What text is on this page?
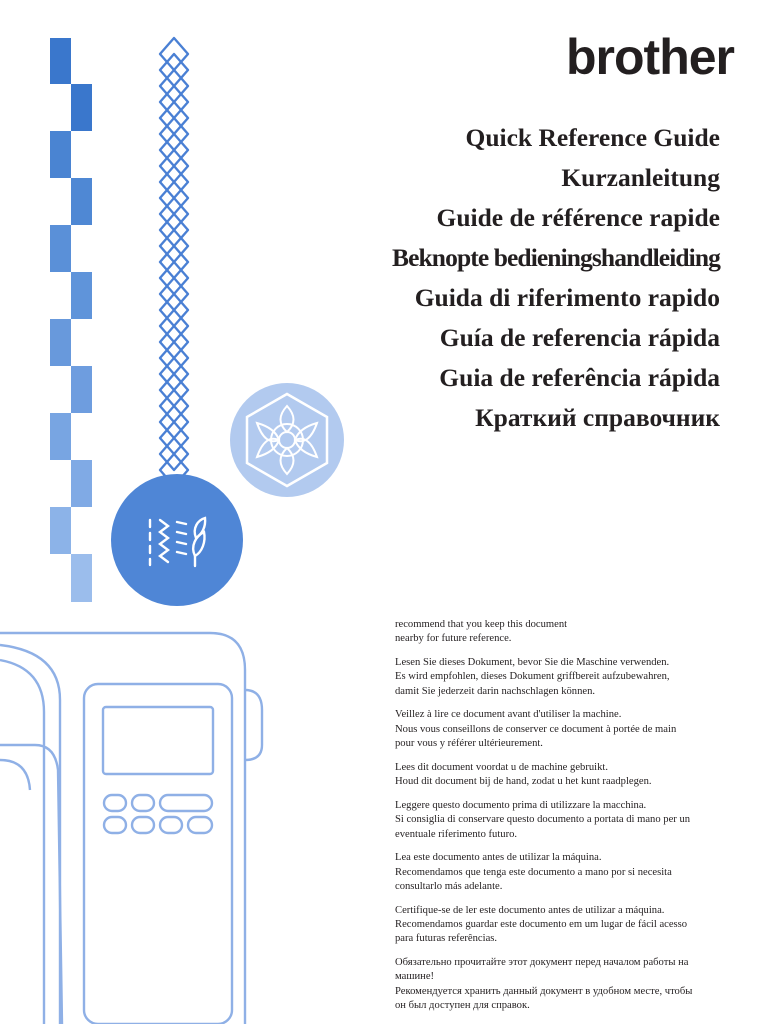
brother
Quick Reference Guide
Kurzanleitung
Guide de référence rapide
Beknopte bedieningshandleiding
Guida di riferimento rapido
Guía de referencia rápida
Guia de referência rápida
Краткий справочник
recommend that you keep this document
nearby for future reference.
Lesen Sie dieses Dokument, bevor Sie die Maschine verwenden.
Es wird empfohlen, dieses Dokument griffbereit aufzubewahren,
damit Sie jederzeit darin nachschlagen können.
Veillez à lire ce document avant d'utiliser la machine.
Nous vous conseillons de conserver ce document à portée de main
pour vous y référer ultérieurement.
Lees dit document voordat u de machine gebruikt.
Houd dit document bij de hand, zodat u het kunt raadplegen.
Leggere questo documento prima di utilizzare la macchina.
Si consiglia di conservare questo documento a portata di mano per un
eventuale riferimento futuro.
Lea este documento antes de utilizar la máquina.
Recomendamos que tenga este documento a mano por si necesita
consultarlo más adelante.
Certifique-se de ler este documento antes de utilizar a máquina.
Recomendamos guardar este documento em um lugar de fácil acesso
para futuras referências.
Обязательно прочитайте этот документ перед началом работы на
машине!
Рекомендуется хранить данный документ в удобном месте, чтобы
он был доступен для справок.
